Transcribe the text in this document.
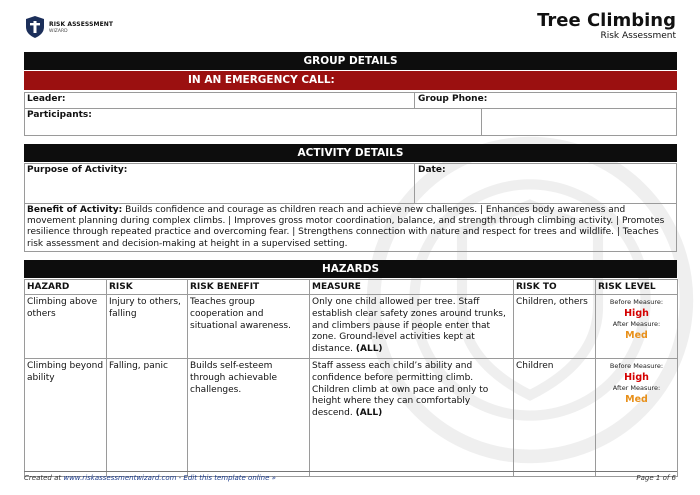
RISK ASSESSMENT
WIZARD
Tree Climbing
Risk Assessment
GROUP DETAILS
IN AN EMERGENCY CALL:
Leader:	Group Phone:
Participants:
ACTIVITY DETAILS
Purpose of Activity:	Date:
Benefit of Activity: Builds confidence and courage as children reach and achieve new challenges. | Enhances body awareness and movement planning during complex climbs. | Improves gross motor coordination, balance, and strength through climbing activity. | Promotes resilience through repeated practice and overcoming fear. | Strengthens connection with nature and respect for trees and wildlife. | Teaches risk assessment and decision-making at height in a supervised setting.
HAZARDS
HAZARD	RISK	RISK BENEFIT	MEASURE	RISK TO	RISK LEVEL
Climbing above others	Injury to others, falling	Teaches group cooperation and situational awareness.	Only one child allowed per tree. Staff establish clear safety zones around trunks, and climbers pause if people enter that zone. Ground-level activities kept at distance. (ALL)	Children, others	Before Measure:
High
After Measure:
Med

Climbing beyond ability	Falling, panic	Builds self-esteem through achievable challenges.	Staff assess each child’s ability and confidence before permitting climb. Children climb at own pace and only to height where they can comfortably descend. (ALL)	Children	Before Measure:
High
After Measure:
Med
Created at www.riskassessmentwizard.com - Edit this template online »	Page 1 of 6
